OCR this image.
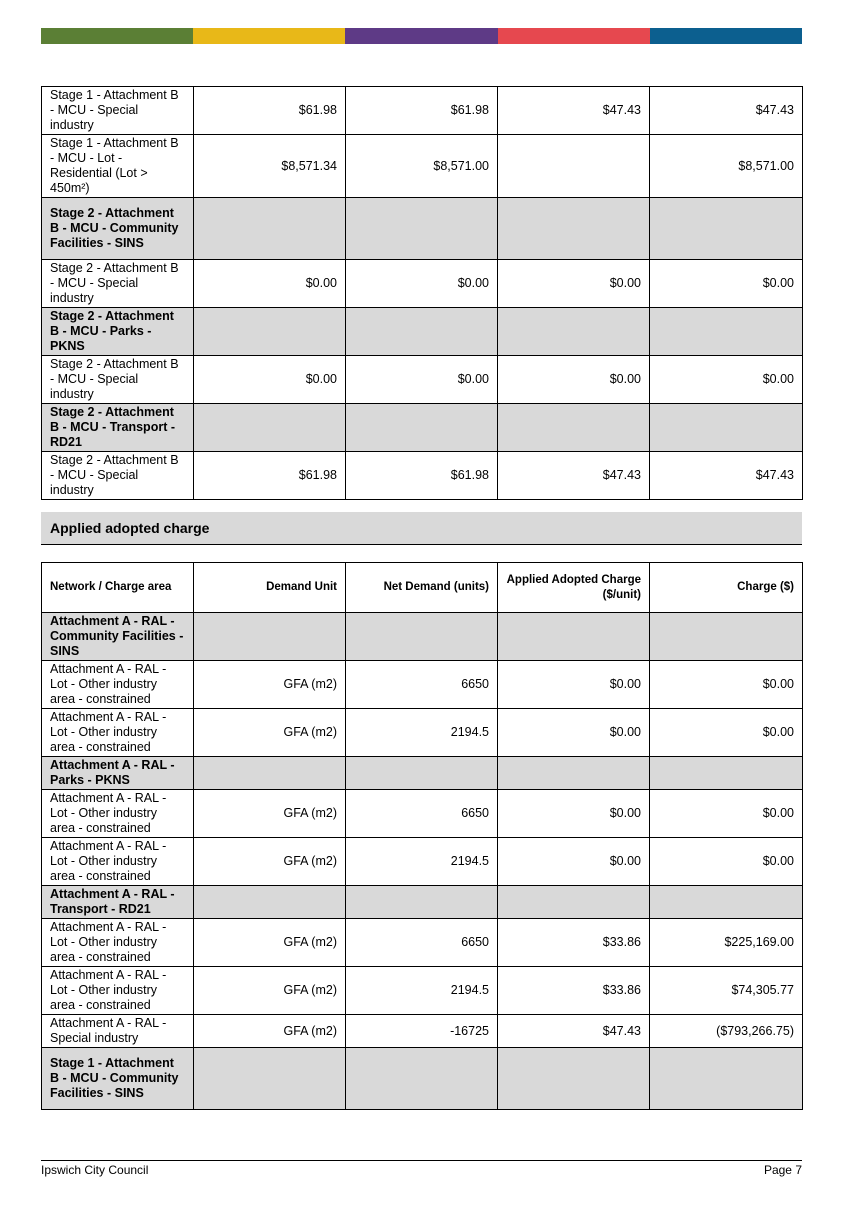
Stage 1 - Attachment B - MCU - Special industry	$61.98	$61.98	$47.43	$47.43
Stage 1 - Attachment B - MCU - Lot - Residential (Lot > 450m²)	$8,571.34	$8,571.00		$8,571.00
Stage 2 - Attachment B - MCU - Community Facilities - SINS				
Stage 2 - Attachment B - MCU - Special industry	$0.00	$0.00	$0.00	$0.00
Stage 2 - Attachment B - MCU - Parks - PKNS				
Stage 2 - Attachment B - MCU - Special industry	$0.00	$0.00	$0.00	$0.00
Stage 2 - Attachment B - MCU - Transport - RD21				
Stage 2 - Attachment B - MCU - Special industry	$61.98	$61.98	$47.43	$47.43
Applied adopted charge
Network / Charge area	Demand Unit	Net Demand (units)	Applied Adopted Charge ($/unit)	Charge ($)
Attachment A - RAL - Community Facilities - SINS				
Attachment A - RAL - Lot - Other industry area - constrained	GFA (m2)	6650	$0.00	$0.00
Attachment A - RAL - Lot - Other industry area - constrained	GFA (m2)	2194.5	$0.00	$0.00
Attachment A - RAL - Parks - PKNS				
Attachment A - RAL - Lot - Other industry area - constrained	GFA (m2)	6650	$0.00	$0.00
Attachment A - RAL - Lot - Other industry area - constrained	GFA (m2)	2194.5	$0.00	$0.00
Attachment A - RAL - Transport - RD21				
Attachment A - RAL - Lot - Other industry area - constrained	GFA (m2)	6650	$33.86	$225,169.00
Attachment A - RAL - Lot - Other industry area - constrained	GFA (m2)	2194.5	$33.86	$74,305.77
Attachment A - RAL - Special industry	GFA (m2)	-16725	$47.43	($793,266.75)
Stage 1 - Attachment B - MCU - Community Facilities - SINS				
Ipswich City Council	Page 7
